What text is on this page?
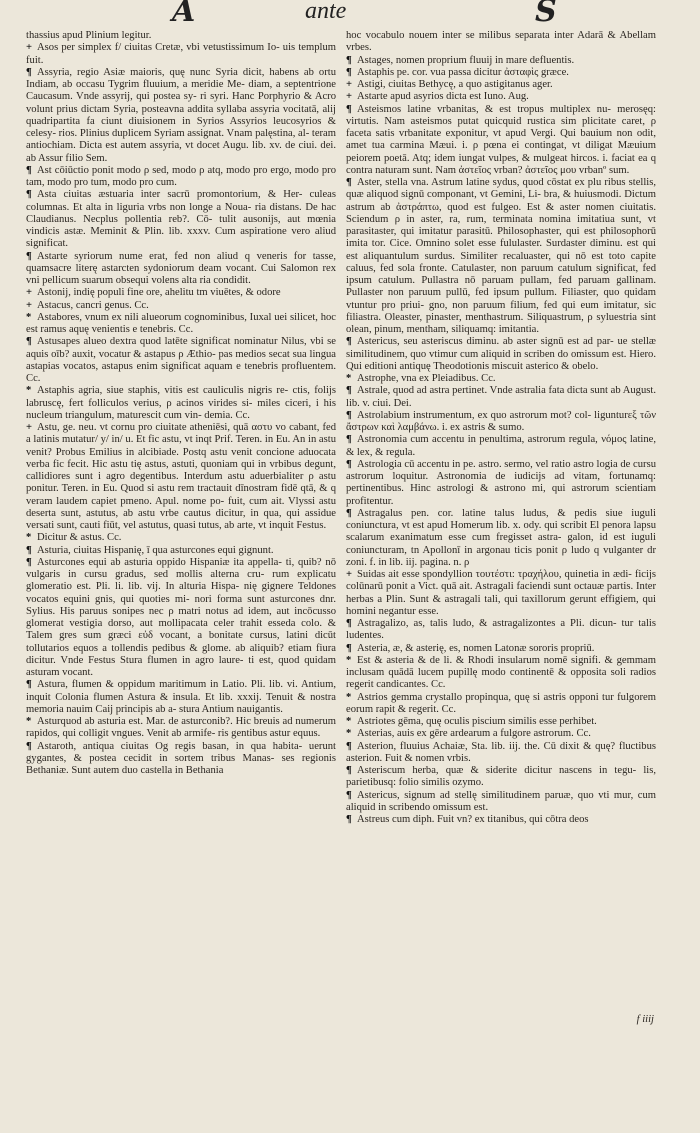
A	ante	S

thassius apud Plinium legitur.

+ Asos per simplex f/ ciuitas Cretæ, vbi vetustissimum Io- uis templum fuit.

¶ Assyria, regio Asiæ maioris, quę nunc Syria dicit, habens ab ortu Indiam, ab occasu Tygrim fluuium, a meridie Me- diam, a septentrione Caucasum. Vnde assyrij, qui postea sy- ri syri. Hanc Porphyrio & Acro volunt prius dictam Syria, posteavna addita syllaba assyria vocitatā, alij quadripartita fa ciunt diuisionem in Syrios Assyrios leucosyrios & celesy- rios. Plinius duplicem Syriam assignat. Vnam palęstina, al- teram antiochiam. Dicta est autem assyria, vt docet Augu. lib. xv. de ciui. dei. ab Assur filio Sem.

¶ Ast cōiūctio ponit modo ρ sed, modo ρ atq, modo pro ergo, modo pro tam, modo pro tum, modo pro cum.

¶ Asta ciuitas æstuaria inter sacrū promontorium, & Her- culeas columnas. Et alta in liguria vrbs non longe a Noua- ria distans. De hac Claudianus. Necplus pollentia reb?. Cō- tulit ausonijs, aut mœnia vindicis astæ. Meminit & Plin. lib. xxxv. Cum aspiratione vero aliud significat.

¶ Astarte syriorum nume erat, fed non aliud q veneris for tasse, quamsacre literę astarcten sydoniorum deam vocant. Cui Salomon rex vni pellicum suarum obsequi volens alta ria condidit.

+ Astonij, indię populi fine ore, ahelitu tm viuētes, & odore

+ Astacus, cancri genus. Cc.

* Astabores, vnum ex nili alueorum cognominibus, Iuxal uei silicet, hoc est ramus aquę venientis e tenebris. Cc.

¶ Astusapes alueo dextra quod latēte significat nominatur Nilus, vbi se aquis oīb? auxit, vocatur & astapus ρ Æthio- pas medios secat sua lingua astapias vocatos, astapus enim significat aquam e tenebris profluentem. Cc.

* Astaphis agria, siue staphis, vitis est cauliculis nigris re- ctis, folijs labruscę, fert folliculos verius, ρ acinos virides si- miles ciceri, i his nucleum triangulum, maturescit cum vin- demia. Cc.

+ Astu, ge. neu. vt cornu pro ciuitate atheniēsi, quā αστυ vo cabant, fed a latinis mutatur/ y/ in/ u. Et fic astu, vt inqt Prif. Teren. in Eu. An in astu venit? Probus Emilius in alcibiade. Postq astu venit concione aduocata verba fic fecit. Hic astu tię astus, astuti, quoniam qui in vrbibus degunt, callidiores sunt i agro degentibus. Interdum astu aduerbialiter ρ astu ponitur. Teren. in Eu. Quod si astu rem tractauit dīnostram fidē qtā, & q veram laudem capiet pmeno. Apul. nome po- fuit, cum ait. Vlyssi astu deserta sunt, astutus, ab astu vrbe cautus dicitur, in qua, qui assidue versati sunt, cauti fiūt, vel astutus, quasi tutus, ab arte, vt inquit Festus.

* Dicitur & astus. Cc.

¶ Asturia, ciuitas Hispanię, ī qua asturcones equi gignunt.

¶ Asturcones equi ab asturia oppido Hispaniæ ita appella- ti, quib? nō vulgaris in cursu gradus, sed mollis alterna cru- rum explicatu glomeratio est. Pli. li. lib. vij. In alturia Hispa- nię gignere Teldones vocatos equini gnis, qui quoties mi- nori forma sunt asturcones dnr. Sylius. His paruus sonipes nec ρ matri notus ad idem, aut incōcusso glomerat vestigia dorso, aut mollipacata celer trahit esseda colo. & Talem gres sum græci εὐδ vocant, a bonitate cursus, latini dicūt tollutarios equos a tollendis pedibus & glome. ab aliquib? etiam fiura dicitur. Vnde Festus Stura flumen in agro laure- ti est, quod quidam asturam vocant.

¶ Astura, flumen & oppidum maritimum in Latio. Pli. lib. vi. Antium, inquit Colonia flumen Astura & insula. Et lib. xxxij. Tenuit & nostra memoria nauim Caij principis ab a- stura Antium nauigantis.

* Asturquod ab asturia est. Mar. de asturconib?. Hic breuis ad numerum rapidos, qui colligit vngues. Venit ab armife- ris gentibus astur equus.

¶ Astaroth, antiqua ciuitas Og regis basan, in qua habita- uerunt gygantes, & postea cecidit in sortem tribus Manas- ses regionis Bethaniæ. Sunt autem duo castella in Bethania

hoc vocabulo nouem inter se milibus separata inter Adarā & Abellam vrbes.

¶ Astages, nomen proprium fluuij in mare defluentis.

¶ Astaphis pe. cor. vua passa dicitur ἀσταφὶς græce.

+ Astigi, ciuitas Bethycę, a quo astigitanus ager.

+ Astarte apud asyrios dicta est Iuno. Aug.

¶ Asteismos latine vrbanitas, & est tropus multiplex nu- merosęq: virtutis. Nam asteismos putat quicquid rustica sim plicitate caret, ρ faceta satis vrbanitate exponitur, vt apud Vergi. Qui bauium non odit, amet tua carmina Mæui. i. ρ pœna ei contingat, vt diligat Mæuium peiorem poetā. Atq; idem iungat vulpes, & mulgeat hircos. i. faciat ea q contra naturam sunt. Nam ἀστεῖος vrban? ἀστεῖος μου vrbanº sum.

¶ Aster, stella vna. Astrum latine sydus, quod cōstat ex plu ribus stellis, quæ aliquod signū componant, vt Gemini, Li- bra, & huiusmodi. Dictum astrum ab ἀστράπτω, quod est fulgeo. Est & aster nomen ciuitatis. Sciendum ρ in aster, ra, rum, terminata nomina imitatiua sunt, vt parasitaster, qui imitatur parasitū. Philosophaster, qui est philosophorū imita tor. Cice. Omnino solet esse fululaster. Surdaster diminu. est qui est aliquantulum surdus. Similiter recaluaster, qui nō est toto capite caluus, fed sola fronte. Catulaster, non paruum catulum significat, fed ipsum catulum. Pullastra nō paruam pullam, fed paruam gallinam. Pullaster non paruum pullū, fed ipsum pullum. Filiaster, quo quidam vtuntur pro priui- gno, non paruum filium, fed qui eum imitatur, sic filiastra. Oleaster, pinaster, menthastrum. Siliquastrum, ρ syluestria sint olean, pinum, mentham, siliquamq: imitantia.

¶ Astericus, seu asteriscus diminu. ab aster signū est ad par- ue stellæ similitudinem, quo vtimur cum aliquid in scriben do omissum est. Hiero. Qui editioni antiquę Theodotionis miscuit asterico & obelo.

* Astrophe, vna ex Pleiadibus. Cc.

¶ Astrale, quod ad astra pertinet. Vnde astralia fata dicta sunt ab August. lib. v. ciui. Dei.

¶ Astrolabium instrumentum, ex quo astrorum mot? col- ligunturεξ τῶν ἄστρων καὶ λαμβάνω. i. ex astris & sumo.

¶ Astronomia cum accentu in penultima, astrorum regula, νόμος latine, & lex, & regula.

¶ Astrologia cū accentu in pe. astro. sermo, vel ratio astro logia de cursu astrorum loquitur. Astronomia de iudicijs ad vitam, fortunamq: pertinentibus. Hinc astrologi & astrono mi, qui astrorum scientiam profitentur.

¶ Astragalus pen. cor. latine talus ludus, & pedis siue iuguli coniunctura, vt est apud Homerum lib. x. ody. qui scribit El penora lapsu scalarum exanimatum esse cum fregisset astra- galon, id est iuguli coniuncturam, tn Apollonī in argonau ticis ponit ρ ludo q vulganter dr zoni. f. in lib. iij. pagina. n. ρ

+ Suidas ait esse spondyllion τουτέστι: τραχήλου, quinetia in ædi- ficijs colūnarū ponit a Vict. quā ait. Astragali faciendi sunt octauæ partis. Inter herbas a Plin. Sunt & astragali tali, qui taxillorum gerunt effigiem, qui homini negantur esse.

¶ Astragalizo, as, talis ludo, & astragalizontes a Pli. dicun- tur talis ludentes.

¶ Asteria, æ, & asterię, es, nomen Latonæ sororis propriū.

* Est & asteria & de li. & Rhodi insularum nomē signifi. & gemmam inclusam quādā lucem pupillę modo continentē & opposita soli radios regerit candicantes. Cc.

* Astrios gemma crystallo propinqua, quę si astris opponi tur fulgorem eorum rapit & regerit. Cc.

* Astriotes gēma, quę oculis piscium similis esse perhibet.

* Asterias, auis ex gēre ardearum a fulgore astrorum. Cc.

¶ Asterion, fluuius Achaiæ, Sta. lib. iij. the. Cū dixit & quę? fluctibus asterion. Fuit & nomen vrbis.

¶ Asteriscum herba, quæ & siderite dicitur nascens in tegu- lis, parietibusq: folio similis ozymo.

¶ Astericus, signum ad stellę similitudinem paruæ, quo vti mur, cum aliquid in scribendo omissum est.

¶ Astreus cum diph. Fuit vn? ex titanibus, qui cōtra deos

f iiij
